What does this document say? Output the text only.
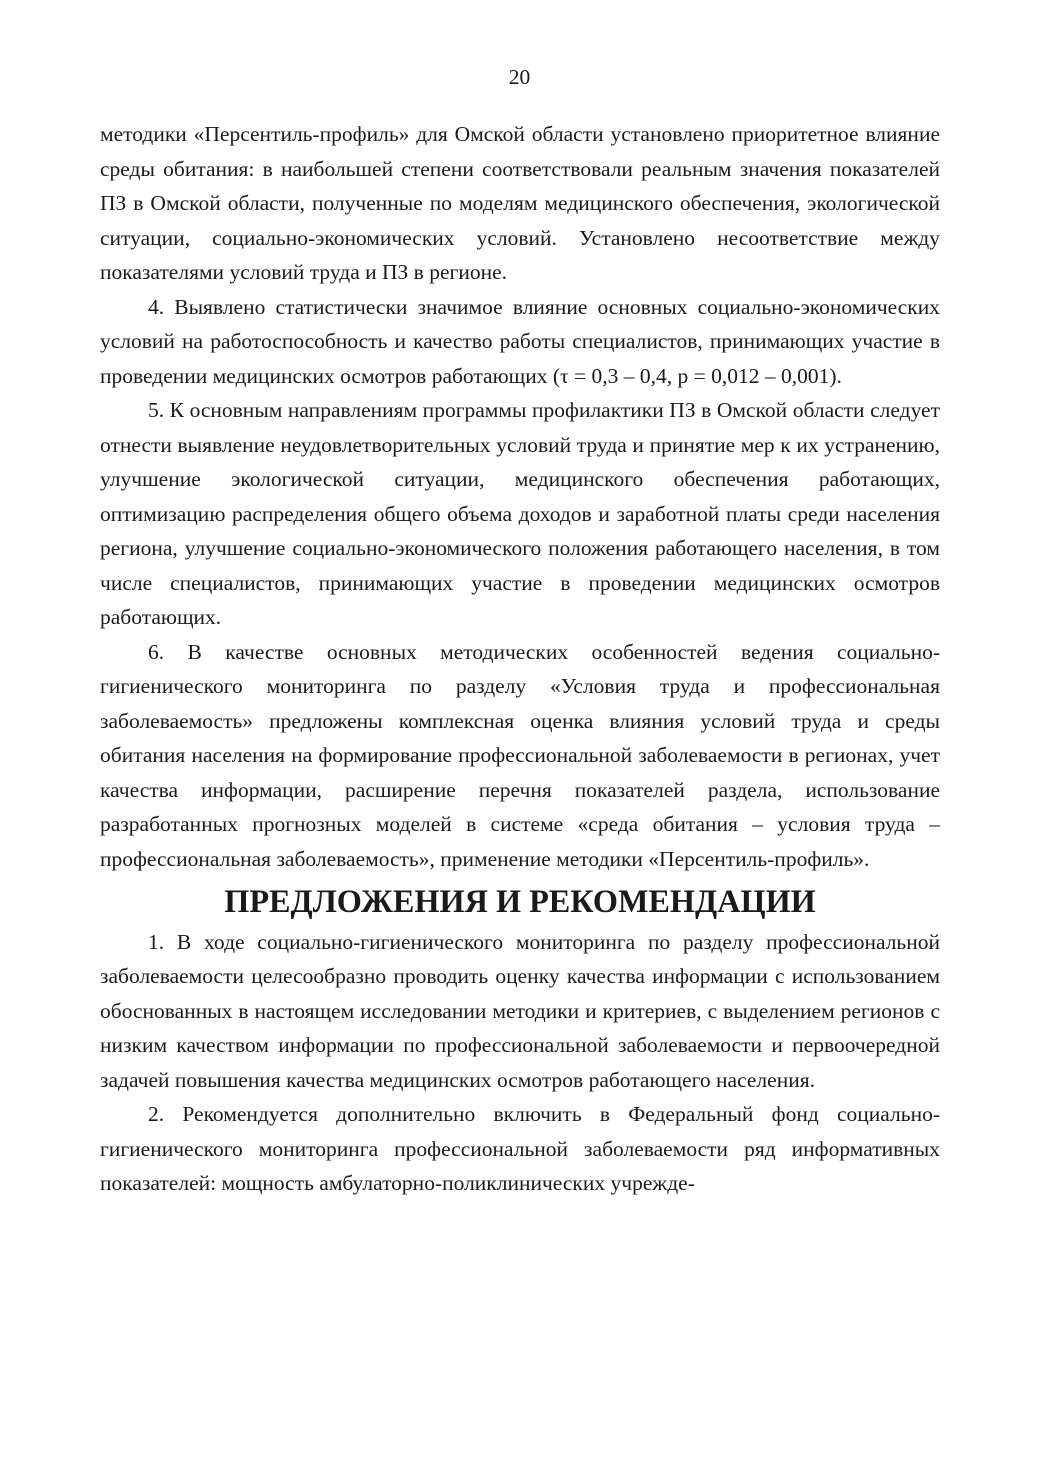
20

методики «Персентиль-профиль» для Омской области установлено приоритетное влияние среды обитания: в наибольшей степени соответствовали реальным значения показателей ПЗ в Омской области, полученные по моделям медицинского обеспечения, экологической ситуации, социально-экономических условий. Установлено несоответствие между показателями условий труда и ПЗ в регионе.

4. Выявлено статистически значимое влияние основных социально-экономических условий на работоспособность и качество работы специалистов, принимающих участие в проведении медицинских осмотров работающих (τ = 0,3 – 0,4, р = 0,012 – 0,001).

5. К основным направлениям программы профилактики ПЗ в Омской области следует отнести выявление неудовлетворительных условий труда и принятие мер к их устранению, улучшение экологической ситуации, медицинского обеспечения работающих, оптимизацию распределения общего объема доходов и заработной платы среди населения региона, улучшение социально-экономического положения работающего населения, в том числе специалистов, принимающих участие в проведении медицинских осмотров работающих.

6. В качестве основных методических особенностей ведения социально-гигиенического мониторинга по разделу «Условия труда и профессиональная заболеваемость» предложены комплексная оценка влияния условий труда и среды обитания населения на формирование профессиональной заболеваемости в регионах, учет качества информации, расширение перечня показателей раздела, использование разработанных прогнозных моделей в системе «среда обитания – условия труда – профессиональная заболеваемость», применение методики «Персентиль-профиль».

ПРЕДЛОЖЕНИЯ И РЕКОМЕНДАЦИИ

1. В ходе социально-гигиенического мониторинга по разделу профессиональной заболеваемости целесообразно проводить оценку качества информации с использованием обоснованных в настоящем исследовании методики и критериев, с выделением регионов с низким качеством информации по профессиональной заболеваемости и первоочередной задачей повышения качества медицинских осмотров работающего населения.

2. Рекомендуется дополнительно включить в Федеральный фонд социально-гигиенического мониторинга профессиональной заболеваемости ряд информативных показателей: мощность амбулаторно-поликлинических учрежде-
